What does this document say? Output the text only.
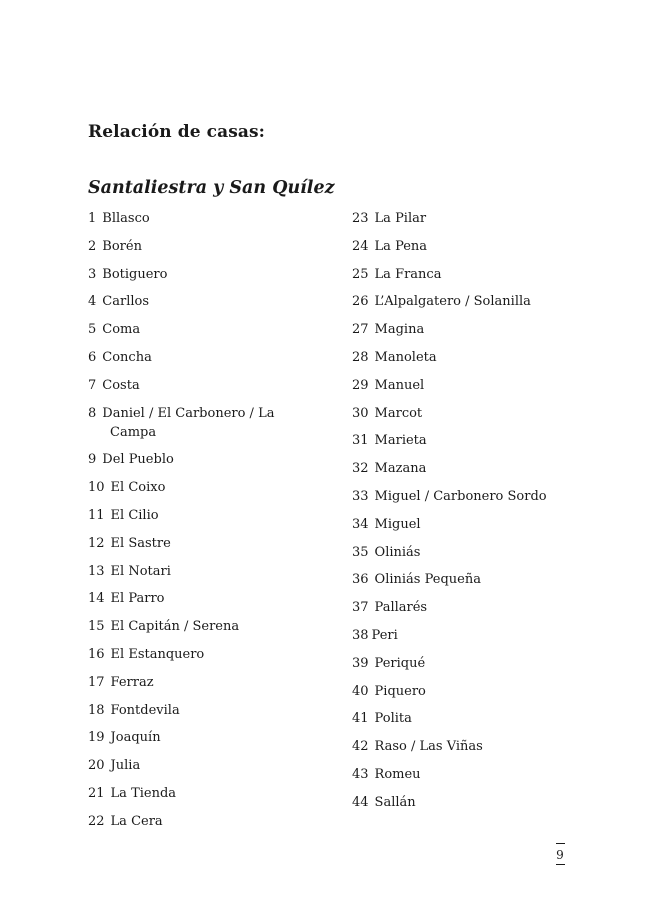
Relación de casas:
Santaliestra y San Quílez
1 Bllasco
2 Borén
3 Botiguero
4 Carllos
5 Coma
6 Concha
7 Costa
8 Daniel / El Carbonero / La Campa
9 Del Pueblo
10 El Coixo
11 El Cilio
12 El Sastre
13 El Notari
14 El Parro
15 El Capitán / Serena
16 El Estanquero
17 Ferraz
18 Fontdevila
19 Joaquín
20 Julia
21 La Tienda
22 La Cera
23 La Pilar
24 La Pena
25 La Franca
26 L’Alpalgatero / Solanilla
27 Magina
28 Manoleta
29 Manuel
30 Marcot
31 Marieta
32 Mazana
33 Miguel / Carbonero Sordo
34 Miguel
35 Oliniás
36 Oliniás Pequeña
37 Pallarés
38 Peri
39 Periqué
40 Piquero
41 Polita
42 Raso / Las Viñas
43 Romeu
44 Sallán
9
